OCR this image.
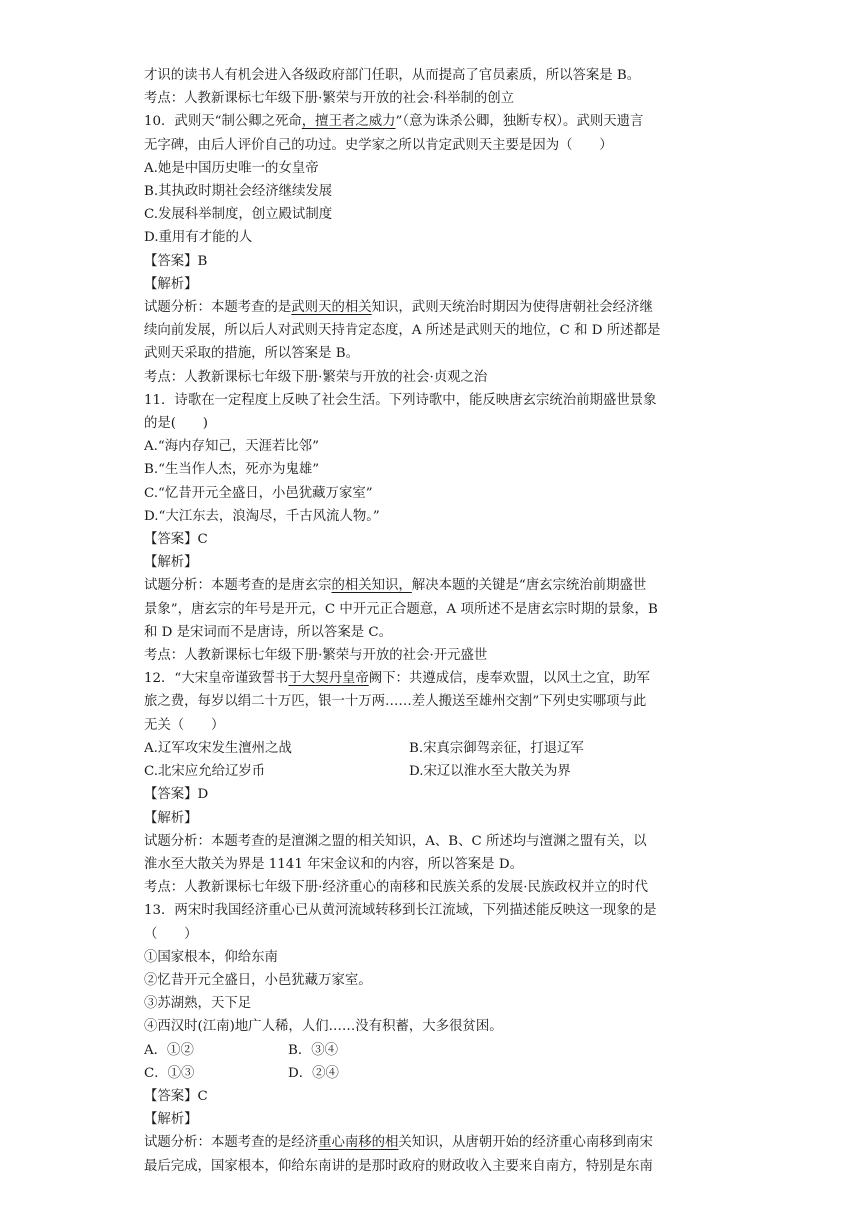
才识的读书人有机会进入各级政府部门任职，从而提高了官员素质，所以答案是 B。
考点：人教新课标七年级下册·繁荣与开放的社会·科举制的创立
10．武则天“制公卿之死命，擅王者之威力”（意为诛杀公卿，独断专权）。武则天遗言
无字碑，由后人评价自己的功过。史学家之所以肯定武则天主要是因为（　　）
A.她是中国历史唯一的女皇帝
B.其执政时期社会经济继续发展
C.发展科举制度，创立殿试制度
D.重用有才能的人
【答案】B
【解析】
试题分析：本题考查的是武则天的相关知识，武则天统治时期因为使得唐朝社会经济继
续向前发展，所以后人对武则天持肯定态度，A 所述是武则天的地位，C 和 D 所述都是
武则天采取的措施，所以答案是 B。
考点：人教新课标七年级下册·繁荣与开放的社会·贞观之治
11．诗歌在一定程度上反映了社会生活。下列诗歌中，能反映唐玄宗统治前期盛世景象
的是(　　)
A.“海内存知己，天涯若比邻”
B.“生当作人杰，死亦为鬼雄”
C.“忆昔开元全盛日，小邑犹藏万家室”
D.“大江东去，浪淘尽，千古风流人物。”
【答案】C
【解析】
试题分析：本题考查的是唐玄宗的相关知识，解决本题的关键是“唐玄宗统治前期盛世
景象”，唐玄宗的年号是开元，C 中开元正合题意，A 项所述不是唐玄宗时期的景象，B
和 D 是宋词而不是唐诗，所以答案是 C。
考点：人教新课标七年级下册·繁荣与开放的社会·开元盛世
12．“大宋皇帝谨致誓书于大契丹皇帝阙下：共遵成信，虔奉欢盟，以风土之宜，助军
旅之费，每岁以绢二十万匹，银一十万两……差人搬送至雄州交割”下列史实哪项与此
无关（　　）
A.辽军攻宋发生澶州之战	B.宋真宗御驾亲征，打退辽军
C.北宋应允给辽岁币	D.宋辽以淮水至大散关为界
【答案】D
【解析】
试题分析：本题考查的是澶渊之盟的相关知识，A、B、C 所述均与澶渊之盟有关，以
淮水至大散关为界是 1141 年宋金议和的内容，所以答案是 D。
考点：人教新课标七年级下册·经济重心的南移和民族关系的发展·民族政权并立的时代
13．两宋时我国经济重心已从黄河流域转移到长江流域，下列描述能反映这一现象的是
（　　）
①国家根本，仰给东南
②忆昔开元全盛日，小邑犹藏万家室。
③苏湖熟，天下足
④西汉时(江南)地广人稀，人们……没有积蓄，大多很贫困。
A．①②	B．③④
C．①③	D．②④
【答案】C
【解析】
试题分析：本题考查的是经济重心南移的相关知识，从唐朝开始的经济重心南移到南宋
最后完成，国家根本，仰给东南讲的是那时政府的财政收入主要来自南方，特别是东南
